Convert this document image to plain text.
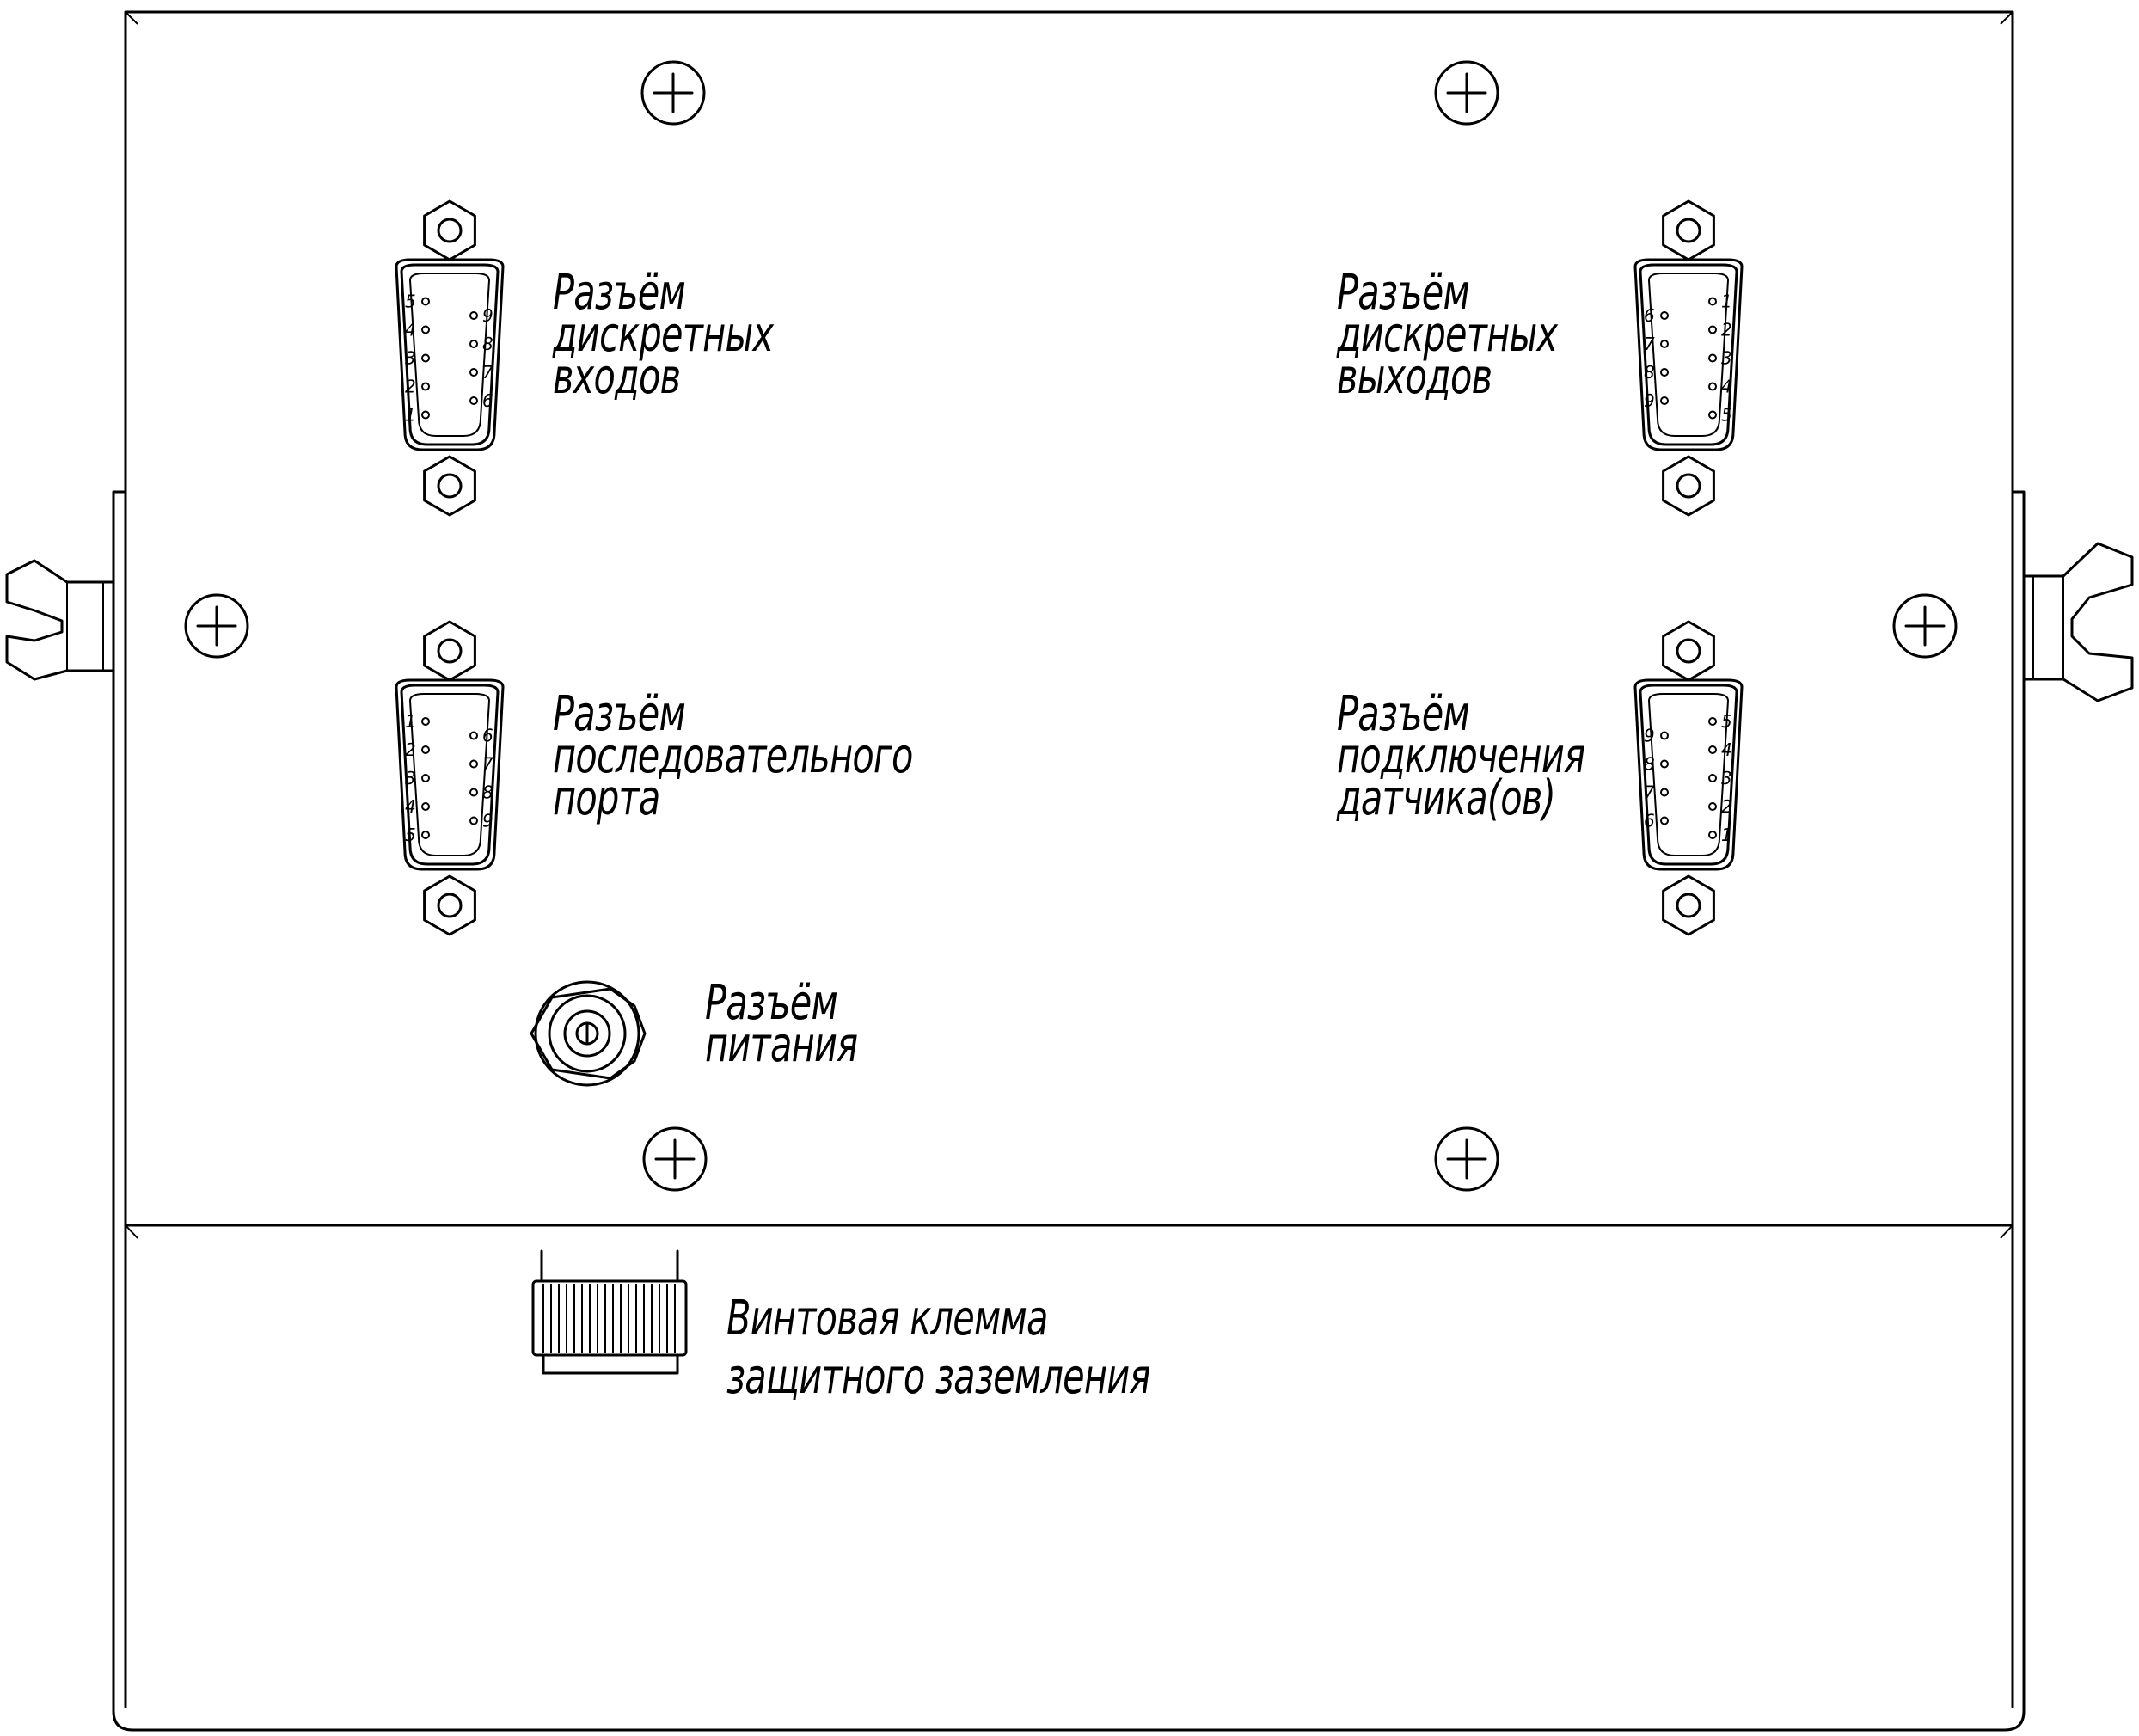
5
4
3
2
1
9
8
7
6
6
7
8
9
1
2
3
4
5
1
2
3
4
5
6
7
8
9
9
8
7
6
5
4
3
2
1
Разъём
дискретных
входов
Разъём
дискретных
выходов
Разъём
последовательного
порта
Разъём
подключения
датчика(ов)
Разъём
питания
Винтовая клемма
защитного заземления
